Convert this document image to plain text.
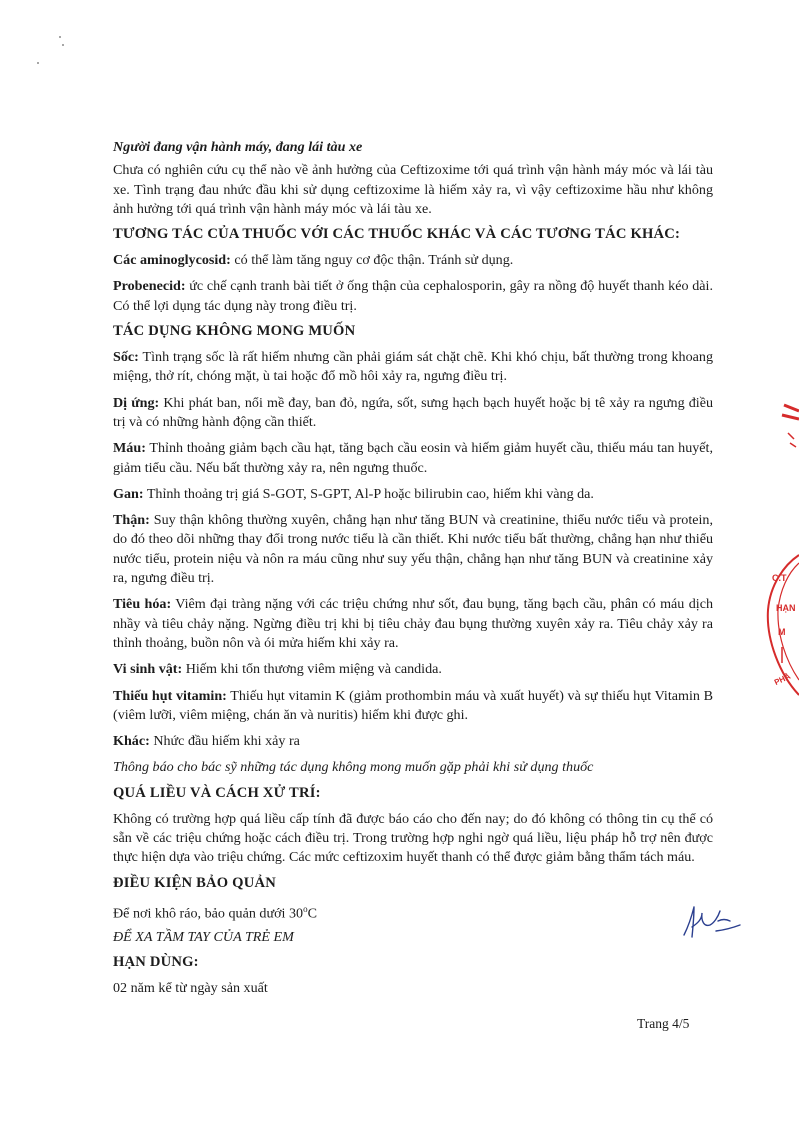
Người đang vận hành máy, đang lái tàu xe

Chưa có nghiên cứu cụ thể nào về ảnh hưởng của Ceftizoxime tới quá trình vận hành máy móc và lái tàu xe. Tình trạng đau nhức đầu khi sử dụng ceftizoxime là hiếm xảy ra, vì vậy ceftizoxime hầu như không ảnh hưởng tới quá trình vận hành máy móc và lái tàu xe.

TƯƠNG TÁC CỦA THUỐC VỚI CÁC THUỐC KHÁC VÀ CÁC TƯƠNG TÁC KHÁC:

Các aminoglycosid: có thể làm tăng nguy cơ độc thận. Tránh sử dụng.

Probenecid: ức chế cạnh tranh bài tiết ở ống thận của cephalosporin, gây ra nồng độ huyết thanh kéo dài. Có thể lợi dụng tác dụng này trong điều trị.

TÁC DỤNG KHÔNG MONG MUỐN

Sốc: Tình trạng sốc là rất hiếm nhưng cần phải giám sát chặt chẽ. Khi khó chịu, bất thường trong khoang miệng, thở rít, chóng mặt, ù tai hoặc đổ mồ hôi xảy ra, ngưng điều trị.

Dị ứng: Khi phát ban, nổi mề đay, ban đỏ, ngứa, sốt, sưng hạch bạch huyết hoặc bị tê xảy ra ngưng điều trị và có những hành động cần thiết.

Máu: Thỉnh thoảng giảm bạch cầu hạt, tăng bạch cầu eosin và hiếm giảm huyết cầu, thiếu máu tan huyết, giảm tiểu cầu. Nếu bất thường xảy ra, nên ngưng thuốc.

Gan: Thỉnh thoảng trị giá S-GOT, S-GPT, Al-P hoặc bilirubin cao, hiếm khi vàng da.

Thận: Suy thận không thường xuyên, chẳng hạn như tăng BUN và creatinine, thiểu nước tiểu và protein, do đó theo dõi những thay đổi trong nước tiểu là cần thiết. Khi nước tiểu bất thường, chẳng hạn như thiểu nước tiểu, protein niệu và nôn ra máu cũng như suy yếu thận, chẳng hạn như tăng BUN và creatinine xảy ra, ngưng điều trị.

Tiêu hóa: Viêm đại tràng nặng với các triệu chứng như sốt, đau bụng, tăng bạch cầu, phân có máu dịch nhầy và tiêu chảy nặng. Ngừng điều trị khi bị tiêu chảy đau bụng thường xuyên xảy ra. Tiêu chảy xảy ra thỉnh thoảng, buồn nôn và ói mửa hiếm khi xảy ra.

Vi sinh vật: Hiếm khi tổn thương viêm miệng và candida.

Thiếu hụt vitamin: Thiếu hụt vitamin K (giảm prothombin máu và xuất huyết) và sự thiếu hụt Vitamin B (viêm lưỡi, viêm miệng, chán ăn và nuritis) hiếm khi được ghi.

Khác: Nhức đầu hiếm khi xảy ra

Thông báo cho bác sỹ những tác dụng không mong muốn gặp phải khi sử dụng thuốc

QUÁ LIỀU VÀ CÁCH XỬ TRÍ:

Không có trường hợp quá liều cấp tính đã được báo cáo cho đến nay; do đó không có thông tin cụ thể có sẵn về các triệu chứng hoặc cách điều trị. Trong trường hợp nghi ngờ quá liều, liệu pháp hỗ trợ nên được thực hiện dựa vào triệu chứng. Các mức ceftizoxim huyết thanh có thể được giảm bằng thẩm tách máu.

ĐIỀU KIỆN BẢO QUẢN

Để nơi khô ráo, bảo quản dưới 30$^o$C

ĐỂ XA TẦM TAY CỦA TRẺ EM

HẠN DÙNG:

02 năm kể từ ngày sản xuất

Trang 4/5
C.T
HẠN
M
PHẦ
